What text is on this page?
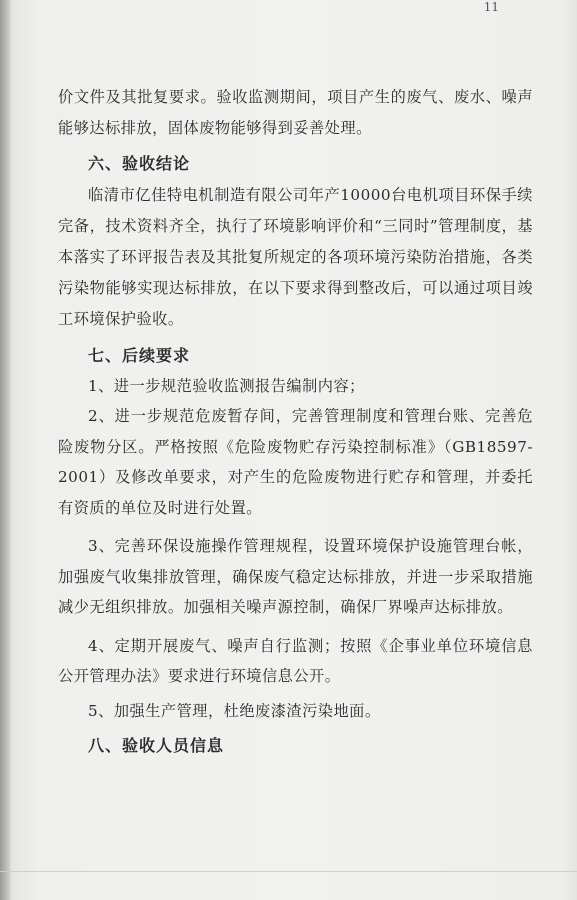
11

价文件及其批复要求。验收监测期间，项目产生的废气、废水、噪声能够达标排放，固体废物能够得到妥善处理。

六、验收结论

临清市亿佳特电机制造有限公司年产10000台电机项目环保手续完备，技术资料齐全，执行了环境影响评价和“三同时”管理制度，基本落实了环评报告表及其批复所规定的各项环境污染防治措施，各类污染物能够实现达标排放，在以下要求得到整改后，可以通过项目竣工环境保护验收。

七、后续要求

1、进一步规范验收监测报告编制内容；

2、进一步规范危废暂存间，完善管理制度和管理台账、完善危险废物分区。严格按照《危险废物贮存污染控制标准》（GB18597-2001）及修改单要求，对产生的危险废物进行贮存和管理，并委托有资质的单位及时进行处置。

3、完善环保设施操作管理规程，设置环境保护设施管理台帐，加强废气收集排放管理，确保废气稳定达标排放，并进一步采取措施减少无组织排放。加强相关噪声源控制，确保厂界噪声达标排放。

4、定期开展废气、噪声自行监测；按照《企事业单位环境信息公开管理办法》要求进行环境信息公开。

5、加强生产管理，杜绝废漆渣污染地面。

八、验收人员信息
